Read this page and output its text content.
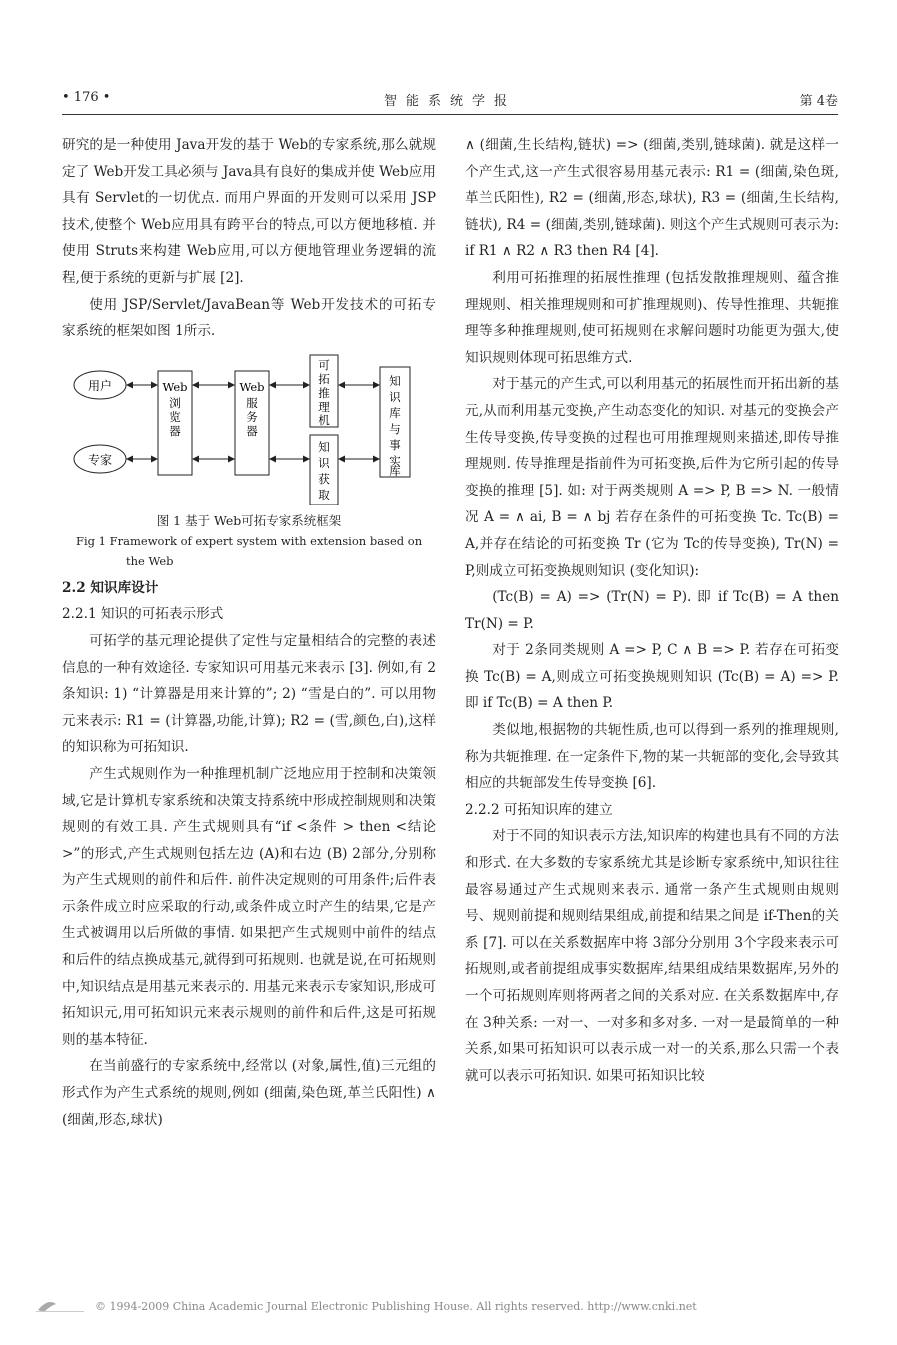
• 176 •	智能系统学报	第 4卷

研究的是一种使用 Java开发的基于 Web的专家系统,那么就规定了 Web开发工具必须与 Java具有良好的集成并使 Web应用具有 Servlet的一切优点. 而用户界面的开发则可以采用 JSP技术,使整个 Web应用具有跨平台的特点,可以方便地移植. 并使用 Struts来构建 Web应用,可以方便地管理业务逻辑的流程,便于系统的更新与扩展 [2].

使用 JSP/Servlet/JavaBean等 Web开发技术的可拓专家系统的框架如图 1所示.

用户
专家
Web 浏览器
Web 服务器
可拓推理机
知识获取
知识库与事实库
图 1 基于 Web可拓专家系统框架
Fig 1 Framework of expert system with extension based on
the Web

2.2 知识库设计

2.2.1 知识的可拓表示形式

可拓学的基元理论提供了定性与定量相结合的完整的表述信息的一种有效途径. 专家知识可用基元来表示 [3]. 例如,有 2条知识: 1) “计算器是用来计算的”; 2) “雪是白的”. 可以用物元来表示: R1 = (计算器,功能,计算); R2 = (雪,颜色,白),这样的知识称为可拓知识.

产生式规则作为一种推理机制广泛地应用于控制和决策领域,它是计算机专家系统和决策支持系统中形成控制规则和决策规则的有效工具. 产生式规则具有“if <条件 > then <结论 >”的形式,产生式规则包括左边 (A)和右边 (B) 2部分,分别称为产生式规则的前件和后件. 前件决定规则的可用条件;后件表示条件成立时应采取的行动,或条件成立时产生的结果,它是产生式被调用以后所做的事情. 如果把产生式规则中前件的结点和后件的结点换成基元,就得到可拓规则. 也就是说,在可拓规则中,知识结点是用基元来表示的. 用基元来表示专家知识,形成可拓知识元,用可拓知识元来表示规则的前件和后件,这是可拓规则的基本特征.

在当前盛行的专家系统中,经常以 (对象,属性,值)三元组的形式作为产生式系统的规则,例如 (细菌,染色斑,革兰氏阳性) ∧ (细菌,形态,球状)

∧ (细菌,生长结构,链状) => (细菌,类别,链球菌). 就是这样一个产生式,这一产生式很容易用基元表示: R1 = (细菌,染色斑,革兰氏阳性), R2 = (细菌,形态,球状), R3 = (细菌,生长结构,链状), R4 = (细菌,类别,链球菌). 则这个产生式规则可表示为: if R1 ∧ R2 ∧ R3 then R4 [4].

利用可拓推理的拓展性推理 (包括发散推理规则、蕴含推理规则、相关推理规则和可扩推理规则)、传导性推理、共轭推理等多种推理规则,使可拓规则在求解问题时功能更为强大,使知识规则体现可拓思维方式.

对于基元的产生式,可以利用基元的拓展性而开拓出新的基元,从而利用基元变换,产生动态变化的知识. 对基元的变换会产生传导变换,传导变换的过程也可用推理规则来描述,即传导推理规则. 传导推理是指前件为可拓变换,后件为它所引起的传导变换的推理 [5]. 如: 对于两类规则 A => P, B => N. 一般情况 A = ∧ ai, B = ∧ bj 若存在条件的可拓变换 Tc. Tc(B) = A,并存在结论的可拓变换 Tr (它为 Tc的传导变换), Tr(N) = P,则成立可拓变换规则知识 (变化知识):

(Tc(B) = A) => (Tr(N) = P). 即 if Tc(B) = A then Tr(N) = P.

对于 2条同类规则 A => P, C ∧ B => P. 若存在可拓变换 Tc(B) = A,则成立可拓变换规则知识 (Tc(B) = A) => P. 即 if Tc(B) = A then P.

类似地,根据物的共轭性质,也可以得到一系列的推理规则,称为共轭推理. 在一定条件下,物的某一共轭部的变化,会导致其相应的共轭部发生传导变换 [6].

2.2.2 可拓知识库的建立

对于不同的知识表示方法,知识库的构建也具有不同的方法和形式. 在大多数的专家系统尤其是诊断专家系统中,知识往往最容易通过产生式规则来表示. 通常一条产生式规则由规则号、规则前提和规则结果组成,前提和结果之间是 if-Then的关系 [7]. 可以在关系数据库中将 3部分分别用 3个字段来表示可拓规则,或者前提组成事实数据库,结果组成结果数据库,另外的一个可拓规则库则将两者之间的关系对应. 在关系数据库中,存在 3种关系: 一对一、一对多和多对多. 一对一是最简单的一种关系,如果可拓知识可以表示成一对一的关系,那么只需一个表就可以表示可拓知识. 如果可拓知识比较

© 1994-2009 China Academic Journal Electronic Publishing House. All rights reserved. http://www.cnki.net
